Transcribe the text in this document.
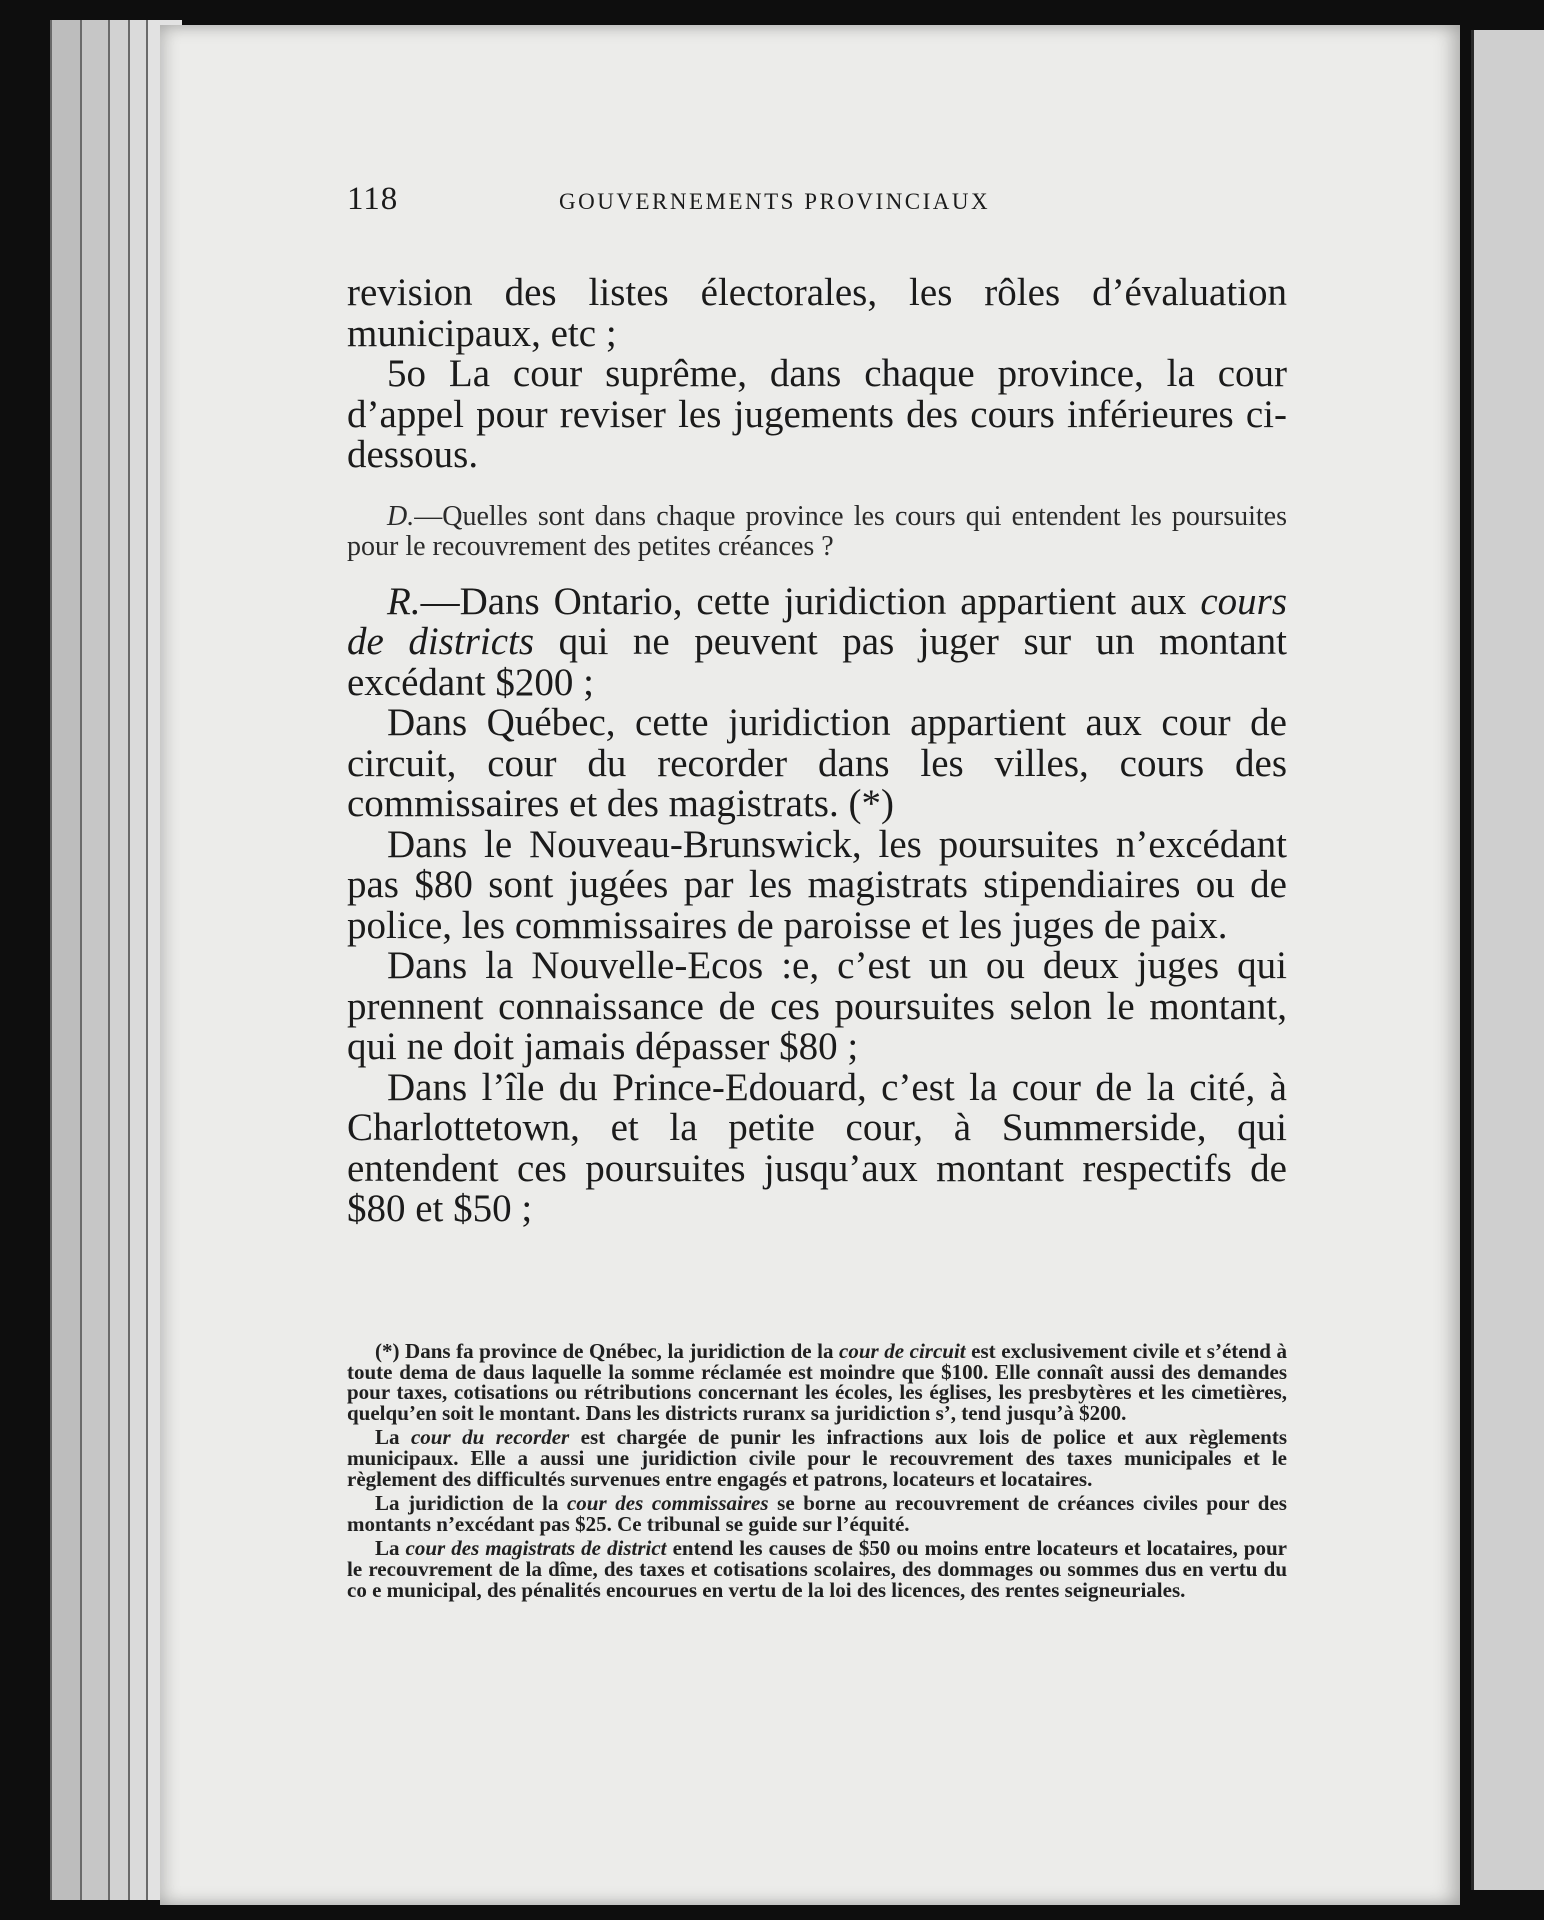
118	GOUVERNEMENTS PROVINCIAUX

revision des listes électorales, les rôles d’évaluation municipaux, etc ;

5o La cour suprême, dans chaque province, la cour d’appel pour reviser les jugements des cours inférieures ci-dessous.

D.—Quelles sont dans chaque province les cours qui entendent les poursuites pour le recouvrement des petites créances ?

R.—Dans Ontario, cette juridiction appartient aux cours de districts qui ne peuvent pas juger sur un montant excédant $200 ;

Dans Québec, cette juridiction appartient aux cour de circuit, cour du recorder dans les villes, cours des commissaires et des magistrats. (*)

Dans le Nouveau-Brunswick, les poursuites n’excédant pas $80 sont jugées par les magistrats stipendiaires ou de police, les commissaires de paroisse et les juges de paix.

Dans la Nouvelle-Ecos :e, c’est un ou deux juges qui prennent connaissance de ces poursuites selon le montant, qui ne doit jamais dépasser $80 ;

Dans l’île du Prince-Edouard, c’est la cour de la cité, à Charlottetown, et la petite cour, à Summerside, qui entendent ces poursuites jusqu’aux montant respectifs de $80 et $50 ;

(*) Dans fa province de Qnébec, la juridiction de la cour de circuit est exclusivement civile et s’étend à toute dema de daus laquelle la somme réclamée est moindre que $100. Elle connaît aussi des demandes pour taxes, cotisations ou rétributions concernant les écoles, les églises, les presbytères et les cimetières, quelqu’en soit le montant. Dans les districts ruranx sa juridiction s’, tend jusqu’à $200.

La cour du recorder est chargée de punir les infractions aux lois de police et aux règlements municipaux. Elle a aussi une juridiction civile pour le recouvrement des taxes municipales et le règlement des difficultés survenues entre engagés et patrons, locateurs et locataires.

La juridiction de la cour des commissaires se borne au recouvrement de créances civiles pour des montants n’excédant pas $25. Ce tribunal se guide sur l’équité.

La cour des magistrats de district entend les causes de $50 ou moins entre locateurs et locataires, pour le recouvrement de la dîme, des taxes et cotisations scolaires, des dommages ou sommes dus en vertu du co e municipal, des pénalités encourues en vertu de la loi des licences, des rentes seigneuriales.
